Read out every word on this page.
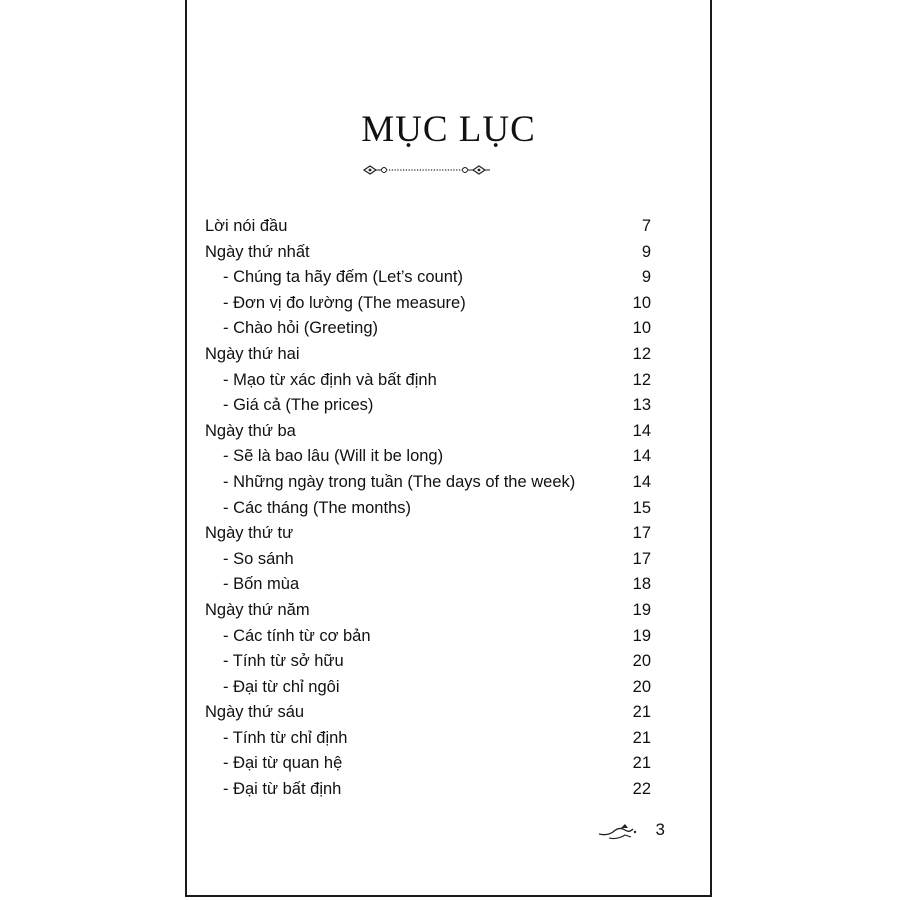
MỤC LỤC
Lời nói đầu	7
Ngày thứ nhất	9
- Chúng ta hãy đếm (Let’s count)	9
- Đơn vị đo lường (The measure)	10
- Chào hỏi (Greeting)	10
Ngày thứ hai	12
- Mạo từ xác định và bất định	12
- Giá cả (The prices)	13
Ngày thứ ba	14
- Sẽ là bao lâu (Will it be long)	14
- Những ngày trong tuần (The days of the week)	14
- Các tháng (The months)	15
Ngày thứ tư	17
- So sánh	17
- Bốn mùa	18
Ngày thứ năm	19
- Các tính từ cơ bản	19
- Tính từ sở hữu	20
- Đại từ chỉ ngôi	20
Ngày thứ sáu	21
- Tính từ chỉ định	21
- Đại từ quan hệ	21
- Đại từ bất định	22
3
